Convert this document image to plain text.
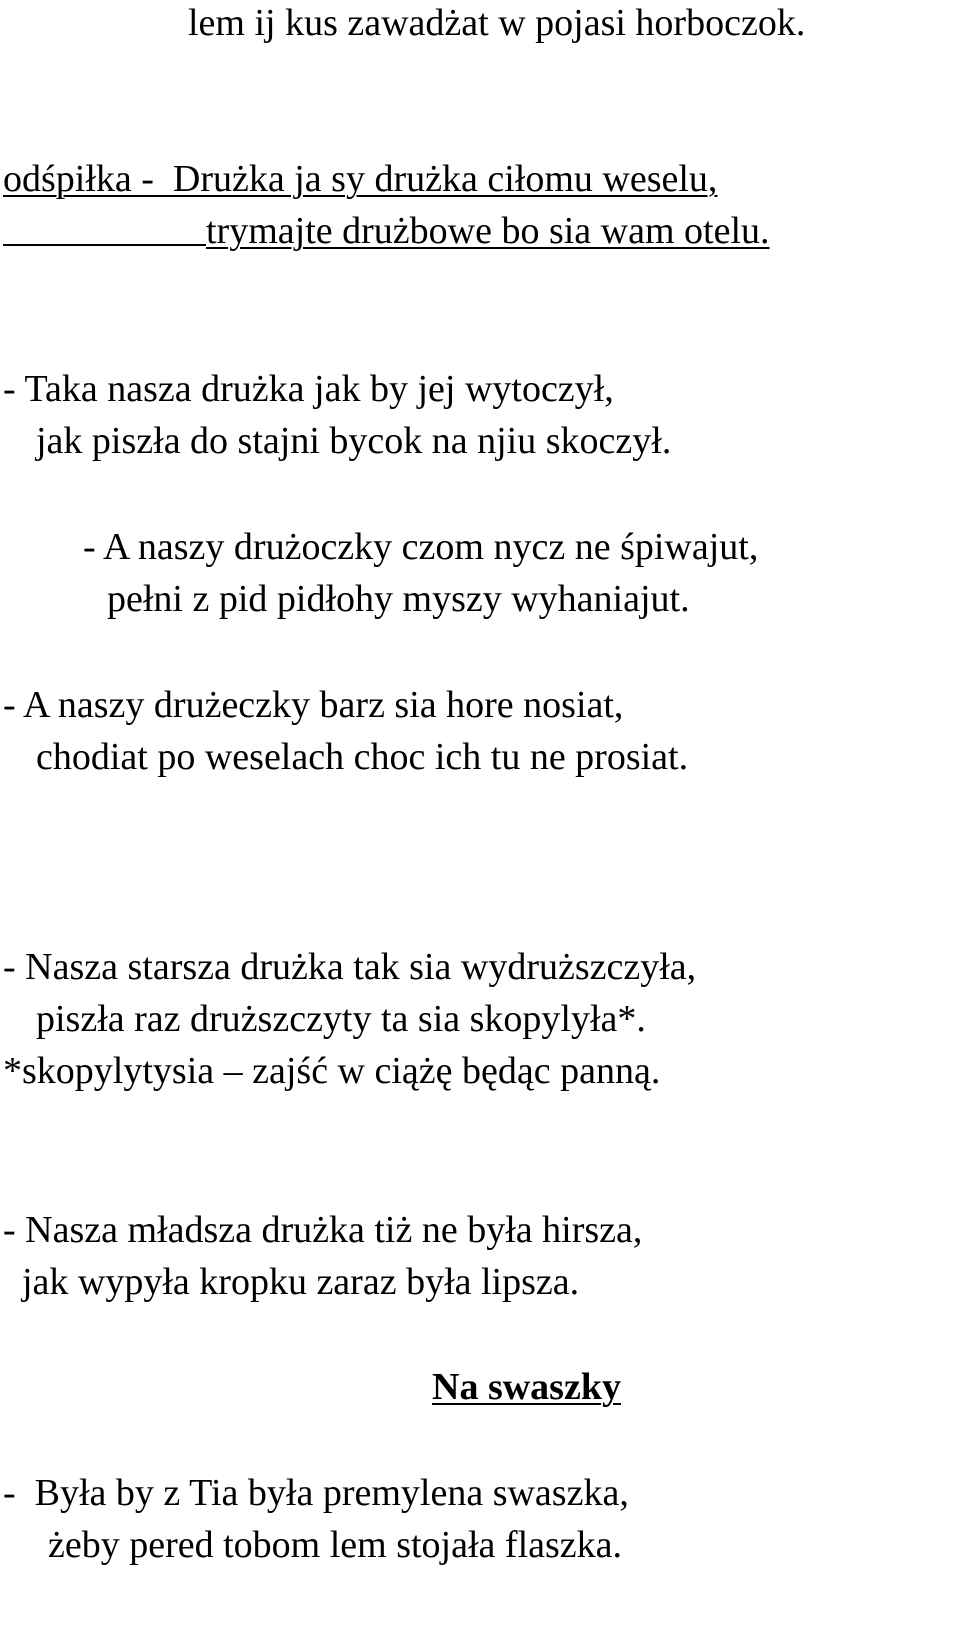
lem ij kus zawadżat w pojasi horboczok.
odśpiłka -  Drużka ja sy drużka ciłomu weselu,
trymajte drużbowe bo sia wam otelu.
- Taka nasza drużka jak by jej wytoczył,
jak piszła do stajni bycok na njiu skoczył.
- A naszy drużoczky czom nycz ne śpiwajut,
pełni z pid pidłohy myszy wyhaniajut.
- A naszy drużeczky barz sia hore nosiat,
chodiat po weselach choc ich tu ne prosiat.
- Nasza starsza drużka tak sia wydruższczyła,
piszła raz druższczyty ta sia skopylyła*.
*skopylytysia – zajść w ciążę będąc panną.
- Nasza mładsza drużka tiż ne była hirsza,
jak wypyła kropku zaraz była lipsza.
Na swaszky
-  Była by z Tia była premylena swaszka,
żeby pered tobom lem stojała flaszka.
